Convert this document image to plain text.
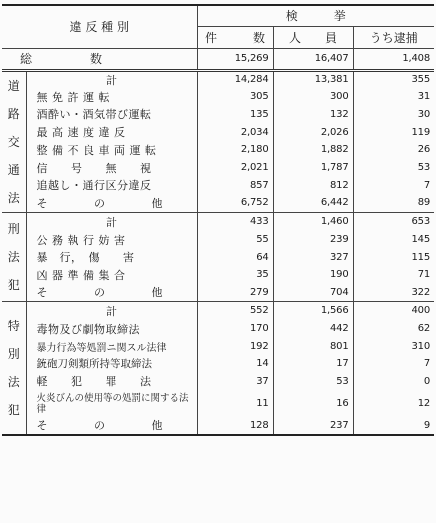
違 反 種 別		検　　　挙		
		件　　　数	人　　員	うち逮捕
総　　　　数		15,269	16,407	1,408
道路交通法	計	14,284	13,381	355
	無 免 許 運 転	305	300	31
	酒酔い・酒気帯び運転	135	132	30
	最 高 速 度 違 反	2,034	2,026	119
	整 備 不 良 車 両 運 転	2,180	1,882	26
	信　　号　　無　　視	2,021	1,787	53
	追越し・通行区分違反	857	812	7
	そ　　　　の　　　　他	6,752	6,442	89
刑法犯	計	433	1,460	653
	公 務 執 行 妨 害	55	239	145
	暴　行，　傷　　害	64	327	115
	凶 器 準 備 集 合	35	190	71
	そ　　　　の　　　　他	279	704	322
特別法犯	計	552	1,566	400
	毒物及び劇物取締法	170	442	62
	暴力行為等処罰ニ関スル法律	192	801	310
	銃砲刀剣類所持等取締法	14	17	7
	軽　　犯　　罪　　法	37	53	0
	火炎びんの使用等の処罰に関する法律	11	16	12
	そ　　　　の　　　　他	128	237	9
